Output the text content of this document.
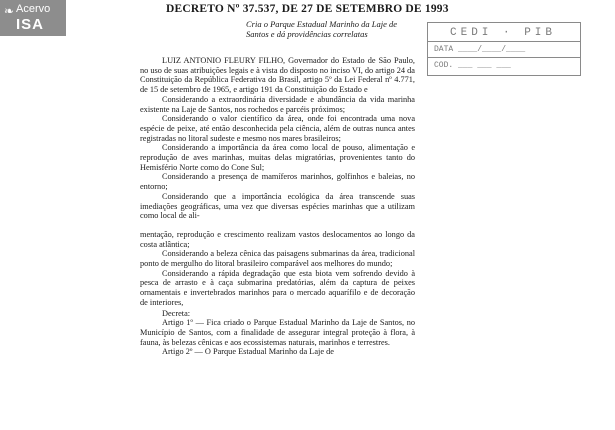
❧ Acervo
ISA	CEDI · PIB
DATA ____/____/____
COD. ___ ___ ___
DECRETO Nº 37.537, DE 27 DE SETEMBRO DE 1993
Cria o Parque Estadual Marinho da Laje de Santos e dá providências correlatas

LUIZ ANTONIO FLEURY FILHO, Governador do Estado de São Paulo, no uso de suas atribuições legais e à vista do disposto no inciso VI, do artigo 24 da Constituição da República Federativa do Brasil, artigo 5º da Lei Federal nº 4.771, de 15 de setembro de 1965, e artigo 191 da Constituição do Estado e

Considerando a extraordinária diversidade e abundância da vida marinha existente na Laje de Santos, nos rochedos e parcéis próximos;

Considerando o valor científico da área, onde foi encontrada uma nova espécie de peixe, até então desconhecida pela ciência, além de outras nunca antes registradas no litoral sudeste e mesmo nos mares brasileiros;

Considerando a importância da área como local de pouso, alimentação e reprodução de aves marinhas, muitas delas migratórias, provenientes tanto do Hemisfério Norte como do Cone Sul;

Considerando a presença de mamíferos marinhos, golfinhos e baleias, no entorno;

Considerando que a importância ecológica da área transcende suas imediações geográficas, uma vez que diversas espécies marinhas que a utilizam como local de ali-

mentação, reprodução e crescimento realizam vastos deslocamentos ao longo da costa atlântica;

Considerando a beleza cênica das paisagens submarinas da área, tradicional ponto de mergulho do litoral brasileiro comparável aos melhores do mundo;

Considerando a rápida degradação que esta biota vem sofrendo devido à pesca de arrasto e à caça submarina predatórias, além da captura de peixes ornamentais e invertebrados marinhos para o mercado aquarífilo e de decoração de interiores,

Decreta:

Artigo 1º — Fica criado o Parque Estadual Marinho da Laje de Santos, no Município de Santos, com a finalidade de assegurar integral proteção à flora, à fauna, às belezas cênicas e aos ecossistemas naturais, marinhos e terrestres.

Artigo 2º — O Parque Estadual Marinho da Laje de
